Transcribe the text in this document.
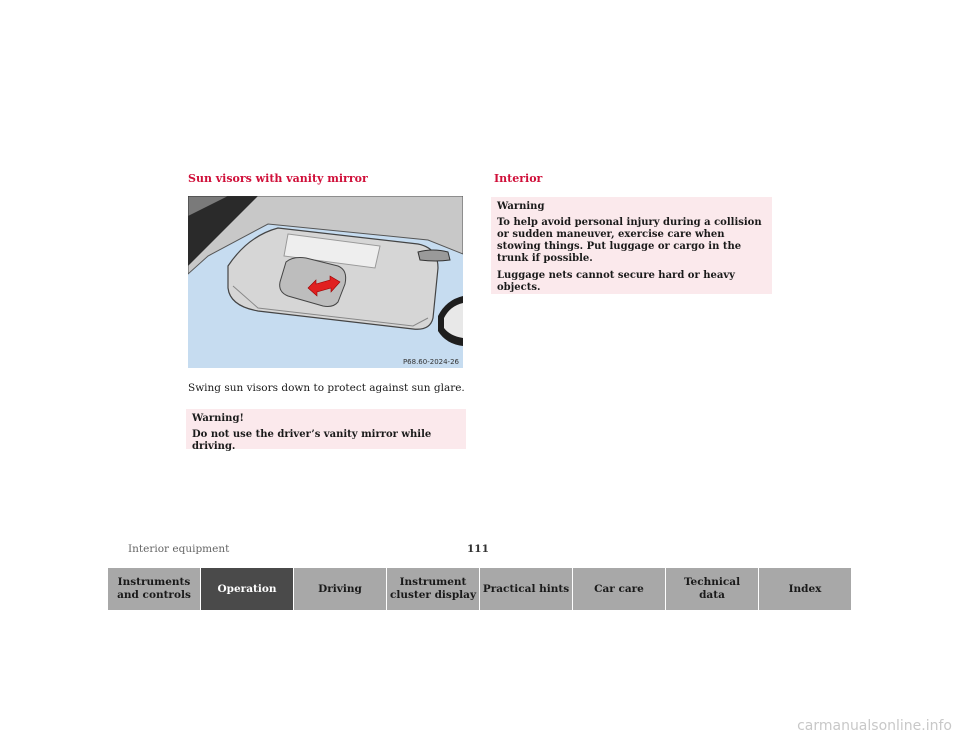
Sun visors with vanity mirror	Interior
P68.60-2024-26
Swing sun visors down to protect against sun glare.
Warning!
Do not use the driver’s vanity mirror while driving.
Warning
To help avoid personal injury during a collision or sudden maneuver, exercise care when stowing things. Put luggage or cargo in the trunk if possible.
Luggage nets cannot secure hard or heavy objects.
Interior equipment	111
Instruments
and controls
Operation	Driving
Instrument
cluster display
Practical hints	Car care
Technical
data
Index
carmanualsonline.info
